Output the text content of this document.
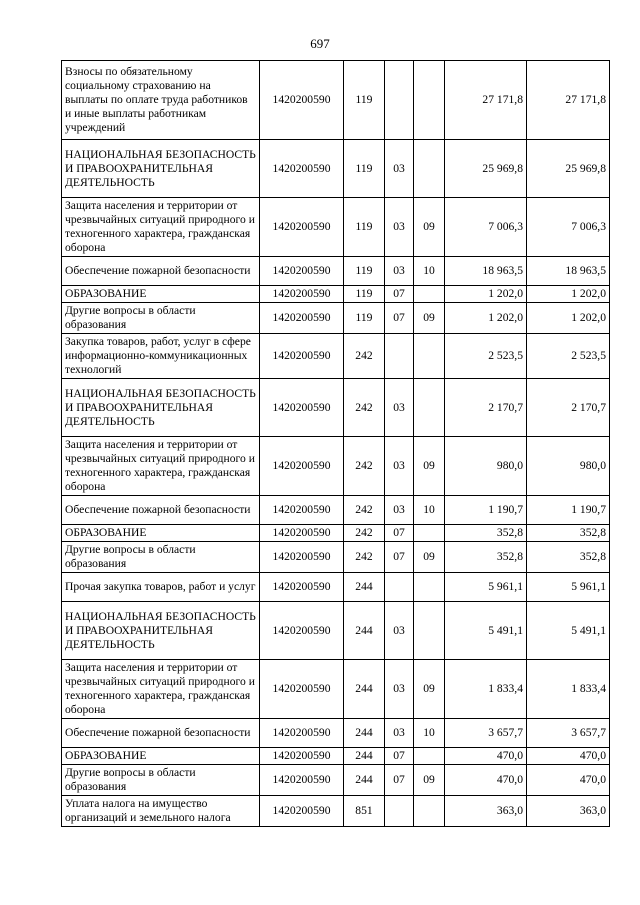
697
Взносы по обязательному социальному страхованию на выплаты по оплате труда работников и иные выплаты работникам учреждений	1420200590	119			27 171,8	27 171,8
НАЦИОНАЛЬНАЯ БЕЗОПАСНОСТЬ И ПРАВООХРАНИТЕЛЬНАЯ ДЕЯТЕЛЬНОСТЬ	1420200590	119	03		25 969,8	25 969,8
Защита населения и территории от чрезвычайных ситуаций природного и техногенного характера, гражданская оборона	1420200590	119	03	09	7 006,3	7 006,3
Обеспечение пожарной безопасности	1420200590	119	03	10	18 963,5	18 963,5
ОБРАЗОВАНИЕ	1420200590	119	07		1 202,0	1 202,0
Другие вопросы в области образования	1420200590	119	07	09	1 202,0	1 202,0
Закупка товаров, работ, услуг в сфере информационно-коммуникационных технологий	1420200590	242			2 523,5	2 523,5
НАЦИОНАЛЬНАЯ БЕЗОПАСНОСТЬ И ПРАВООХРАНИТЕЛЬНАЯ ДЕЯТЕЛЬНОСТЬ	1420200590	242	03		2 170,7	2 170,7
Защита населения и территории от чрезвычайных ситуаций природного и техногенного характера, гражданская оборона	1420200590	242	03	09	980,0	980,0
Обеспечение пожарной безопасности	1420200590	242	03	10	1 190,7	1 190,7
ОБРАЗОВАНИЕ	1420200590	242	07		352,8	352,8
Другие вопросы в области образования	1420200590	242	07	09	352,8	352,8
Прочая закупка товаров, работ и услуг	1420200590	244			5 961,1	5 961,1
НАЦИОНАЛЬНАЯ БЕЗОПАСНОСТЬ И ПРАВООХРАНИТЕЛЬНАЯ ДЕЯТЕЛЬНОСТЬ	1420200590	244	03		5 491,1	5 491,1
Защита населения и территории от чрезвычайных ситуаций природного и техногенного характера, гражданская оборона	1420200590	244	03	09	1 833,4	1 833,4
Обеспечение пожарной безопасности	1420200590	244	03	10	3 657,7	3 657,7
ОБРАЗОВАНИЕ	1420200590	244	07		470,0	470,0
Другие вопросы в области образования	1420200590	244	07	09	470,0	470,0
Уплата налога на имущество организаций и земельного налога	1420200590	851			363,0	363,0
